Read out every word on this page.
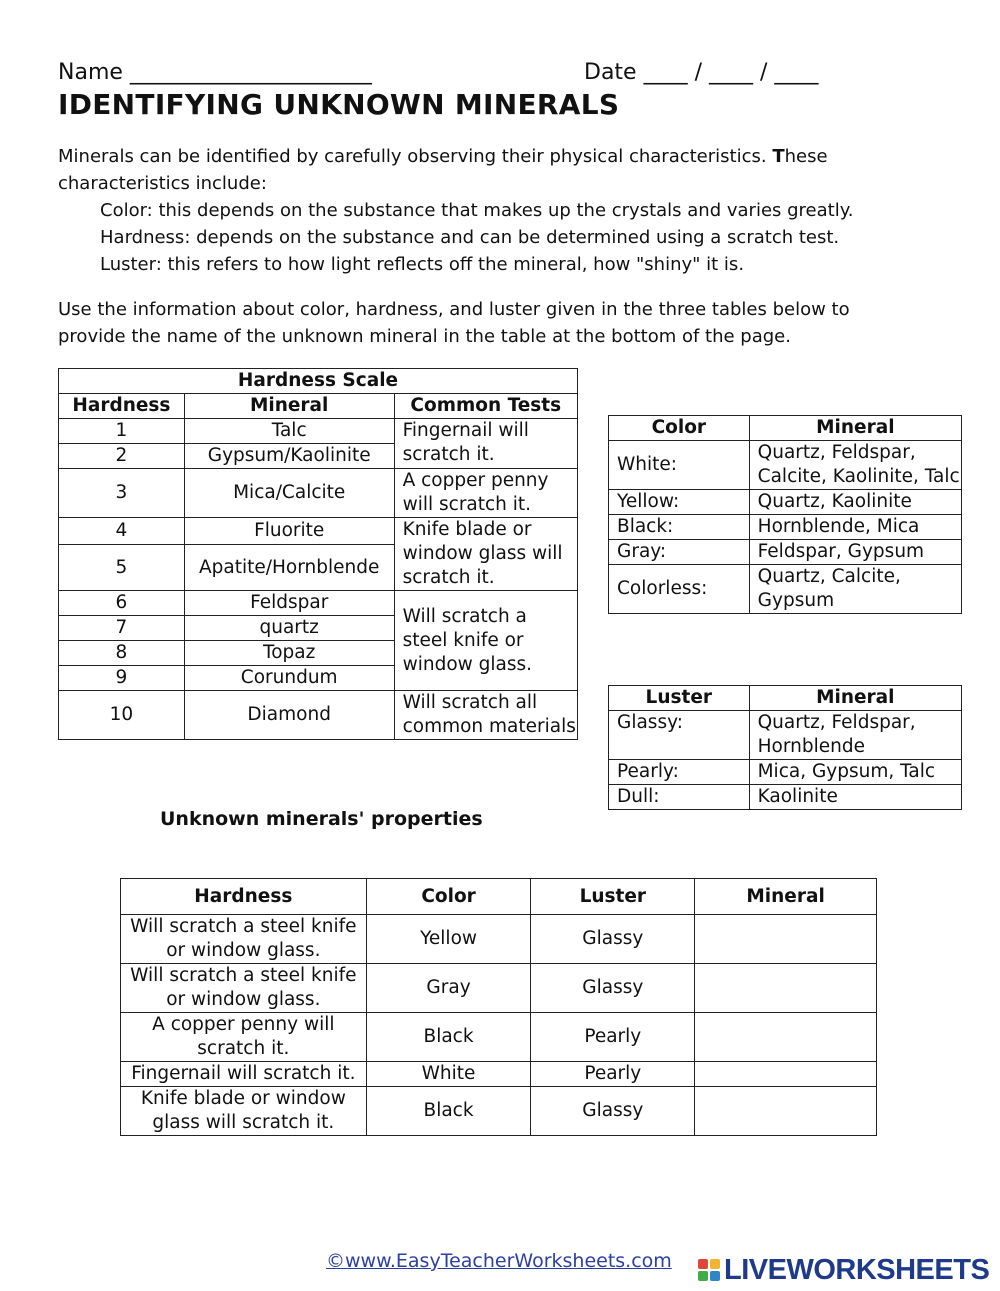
Name ______________________	Date ____ / ____ / ____
IDENTIFYING UNKNOWN MINERALS
Minerals can be identified by carefully observing their physical characteristics. These
characteristics include:
Color: this depends on the substance that makes up the crystals and varies greatly.
Hardness: depends on the substance and can be determined using a scratch test.
Luster: this refers to how light reflects off the mineral, how "shiny" it is.
Use the information about color, hardness, and luster given in the three tables below to
provide the name of the unknown mineral in the table at the bottom of the page.
Hardness Scale		
Hardness	Mineral	Common Tests
1	Talc	Fingernail will scratch it.
2	Gypsum/Kaolinite	
3	Mica/Calcite	A copper penny will scratch it.
4	Fluorite	Knife blade or window glass will scratch it.
5	Apatite/Hornblende	
6	Feldspar	Will scratch a steel knife or window glass.
7	quartz	
8	Topaz	
9	Corundum	
10	Diamond	Will scratch all common materials
Color	Mineral
White:	Quartz, Feldspar, Calcite, Kaolinite, Talc
Yellow:	Quartz, Kaolinite
Black:	Hornblende, Mica
Gray:	Feldspar, Gypsum
Colorless:	Quartz, Calcite, Gypsum
Luster	Mineral
Glassy:	Quartz, Feldspar, Hornblende
Pearly:	Mica, Gypsum, Talc
Dull:	Kaolinite
Unknown minerals' properties
Hardness	Color	Luster	Mineral
Will scratch a steel knife or window glass.	Yellow	Glassy	
Will scratch a steel knife or window glass.	Gray	Glassy	
A copper penny will scratch it.	Black	Pearly	
Fingernail will scratch it.	White	Pearly	
Knife blade or window glass will scratch it.	Black	Glassy	
©www.EasyTeacherWorksheets.com LIVEWORKSHEETS
